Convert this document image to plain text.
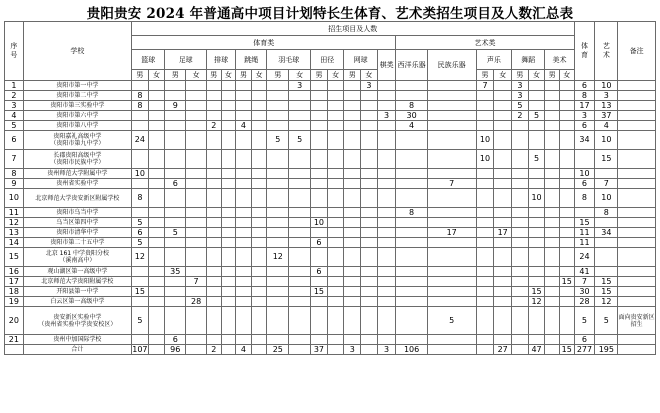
贵阳贵安 2024 年普通高中项目计划特长生体育、艺术类招生项目及人数汇总表
序号	学校	招生项目及人数																							体育	艺术	备注
		体育类															艺术类										
		篮球		足球		排球		跳绳		羽毛球		田径		网球		棋类	西洋乐器	民族乐器	声乐		舞蹈		美术				
		男	女	男	女	男	女	男	女	男	女	男	女	男	女				男	女	男	女	男	女			
1	贵阳市第一中学										3				3				7		3				6	10	
2	贵阳市第二中学	8																			3				8	3	
3	贵阳市第三实验中学	8		9													8				5				17	13	
4	贵阳市第六中学															3	30				2	5			3	37	
5	贵阳市第八中学					2		4									4								6	4	
6	贵阳嘉礼高级中学
（贵阳市第九中学）	24								5	5								10						34	10	
7	长郡贵阳高级中学
（贵阳市民族中学）																		10			5				15	
8	贵州师范大学附属中学	10																							10		
9	贵州省实验中学			6														7							6	7	
10	北京师范大学贵安新区附属学校	8																				10			8	10	
11	贵阳市乌当中学																8									8	
12	乌当区第四中学	5										10													15		
13	贵阳市清华中学	6		5														17		17					11	34	
14	贵阳市第二十五中学	5										6													11		
15	北京 161 中学贵阳分校
（溪南高中）	12								12															24		
16	观山湖区第一高级中学			35								6													41		
17	北京师范大学贵阳附属学校				7																			15	7	15	
18	开阳县第一中学	15										15										15			30	15	
19	白云区第一高级中学				28																	12			28	12	
20	贵安新区实验中学
（贵州省实验中学贵安校区）	5																5							5	5	面向贵安新区招生
21	贵州中加国际学校			6																					6		
	合计	107		96		2		4		25		37		3		3	106			27		47		15	277	195	
